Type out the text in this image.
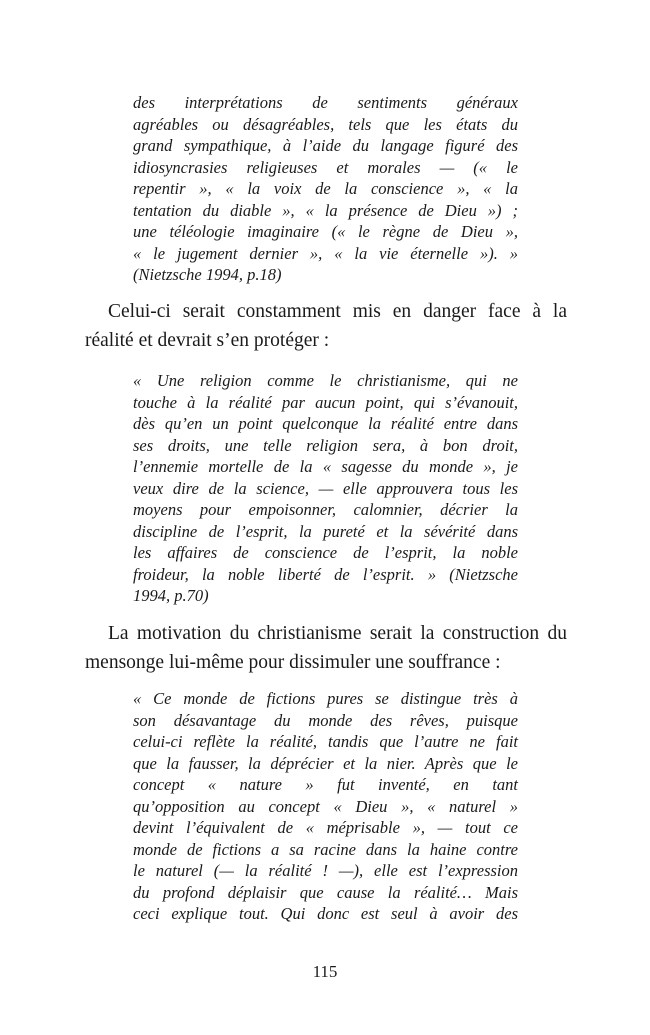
des interprétations de sentiments généraux
agréables ou désagréables, tels que les états du
grand sympathique, à l’aide du langage figuré des
idiosyncrasies religieuses et morales — (« le
repentir », « la voix de la conscience », « la
tentation du diable », « la présence de Dieu ») ;
une téléologie imaginaire (« le règne de Dieu »,
« le jugement dernier », « la vie éternelle »). »
(Nietzsche 1994, p.18)
Celui-ci serait constamment mis en danger face à la
réalité et devrait s’en protéger :
« Une religion comme le christianisme, qui ne
touche à la réalité par aucun point, qui s’évanouit,
dès qu’en un point quelconque la réalité entre dans
ses droits, une telle religion sera, à bon droit,
l’ennemie mortelle de la « sagesse du monde », je
veux dire de la science, — elle approuvera tous les
moyens pour empoisonner, calomnier, décrier la
discipline de l’esprit, la pureté et la sévérité dans
les affaires de conscience de l’esprit, la noble
froideur, la noble liberté de l’esprit. » (Nietzsche
1994, p.70)
La motivation du christianisme serait la construction du
mensonge lui-même pour dissimuler une souffrance :
« Ce monde de fictions pures se distingue très à
son désavantage du monde des rêves, puisque
celui-ci reflète la réalité, tandis que l’autre ne fait
que la fausser, la déprécier et la nier. Après que le
concept « nature » fut inventé, en tant
qu’opposition au concept « Dieu », « naturel »
devint l’équivalent de « méprisable », — tout ce
monde de fictions a sa racine dans la haine contre
le naturel (— la réalité ! —), elle est l’expression
du profond déplaisir que cause la réalité… Mais
ceci explique tout. Qui donc est seul à avoir des
115
